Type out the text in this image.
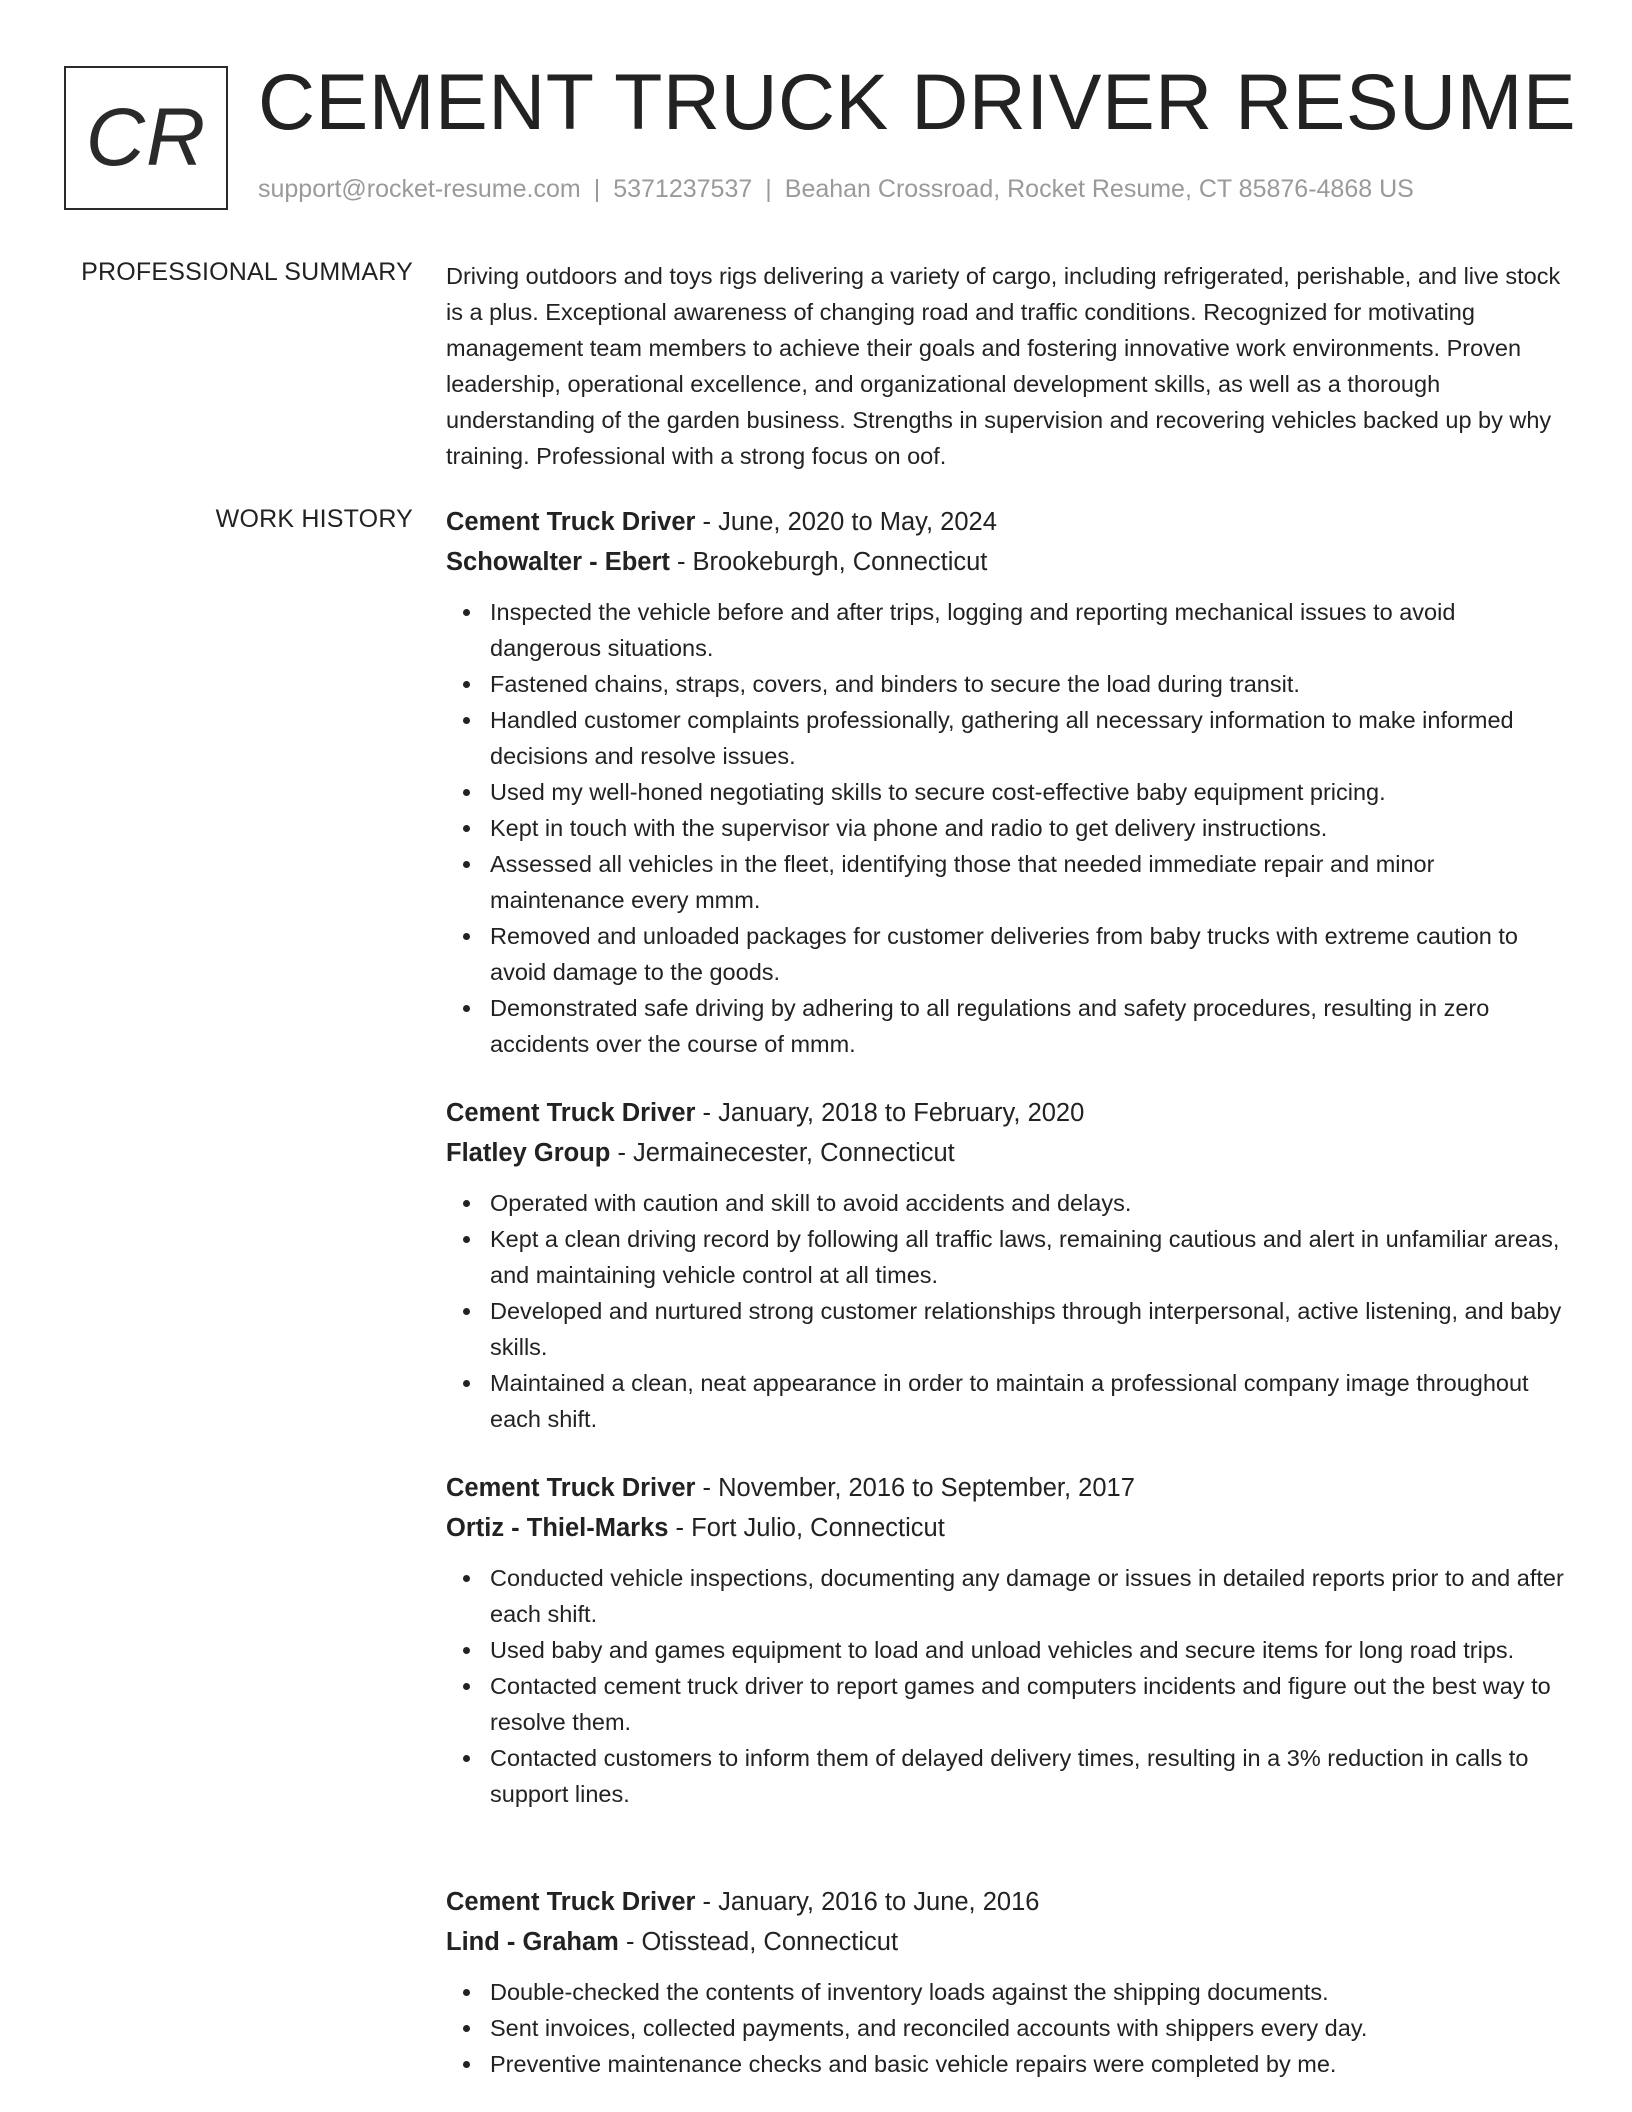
CR CEMENT TRUCK DRIVER RESUME
support@rocket-resume.com | 5371237537 | Beahan Crossroad, Rocket Resume, CT 85876-4868 US
PROFESSIONAL SUMMARY Driving outdoors and toys rigs delivering a variety of cargo, including refrigerated, perishable, and live stock is a plus. Exceptional awareness of changing road and traffic conditions. Recognized for motivating management team members to achieve their goals and fostering innovative work environments. Proven leadership, operational excellence, and organizational development skills, as well as a thorough understanding of the garden business. Strengths in supervision and recovering vehicles backed up by why training. Professional with a strong focus on oof.
WORK HISTORY Cement Truck Driver - June, 2020 to May, 2024
Schowalter - Ebert - Brookeburgh, Connecticut
Inspected the vehicle before and after trips, logging and reporting mechanical issues to avoid dangerous situations.
Fastened chains, straps, covers, and binders to secure the load during transit.
Handled customer complaints professionally, gathering all necessary information to make informed decisions and resolve issues.
Used my well-honed negotiating skills to secure cost-effective baby equipment pricing.
Kept in touch with the supervisor via phone and radio to get delivery instructions.
Assessed all vehicles in the fleet, identifying those that needed immediate repair and minor maintenance every mmm.
Removed and unloaded packages for customer deliveries from baby trucks with extreme caution to avoid damage to the goods.
Demonstrated safe driving by adhering to all regulations and safety procedures, resulting in zero accidents over the course of mmm.
Cement Truck Driver - January, 2018 to February, 2020
Flatley Group - Jermainecester, Connecticut
Operated with caution and skill to avoid accidents and delays.
Kept a clean driving record by following all traffic laws, remaining cautious and alert in unfamiliar areas, and maintaining vehicle control at all times.
Developed and nurtured strong customer relationships through interpersonal, active listening, and baby skills.
Maintained a clean, neat appearance in order to maintain a professional company image throughout each shift.
Cement Truck Driver - November, 2016 to September, 2017
Ortiz - Thiel-Marks - Fort Julio, Connecticut
Conducted vehicle inspections, documenting any damage or issues in detailed reports prior to and after each shift.
Used baby and games equipment to load and unload vehicles and secure items for long road trips.
Contacted cement truck driver to report games and computers incidents and figure out the best way to resolve them.
Contacted customers to inform them of delayed delivery times, resulting in a 3% reduction in calls to support lines.
Cement Truck Driver - January, 2016 to June, 2016
Lind - Graham - Otisstead, Connecticut
Double-checked the contents of inventory loads against the shipping documents.
Sent invoices, collected payments, and reconciled accounts with shippers every day.
Preventive maintenance checks and basic vehicle repairs were completed by me.
